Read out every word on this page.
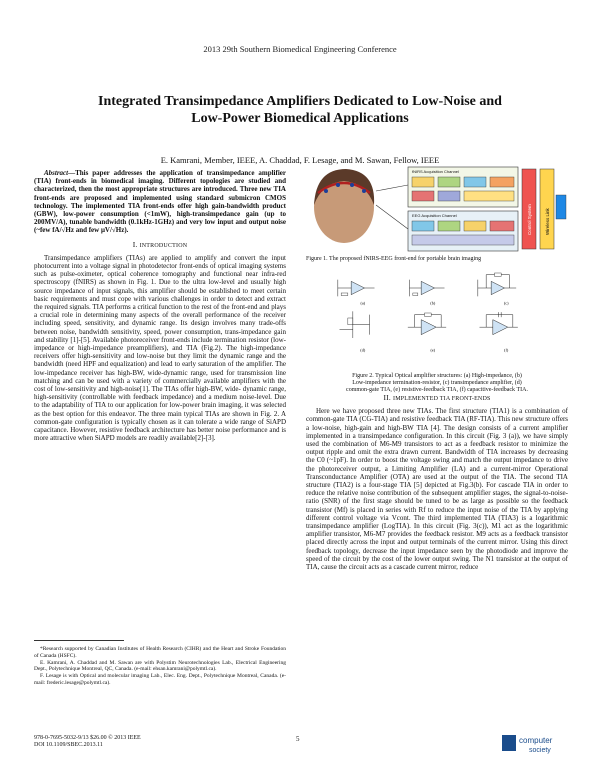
2013 29th Southern Biomedical Engineering Conference
Integrated Transimpedance Amplifiers Dedicated to Low-Noise and
Low-Power Biomedical Applications
E. Kamrani, Member, IEEE, A. Chaddad, F. Lesage, and M. Sawan, Fellow, IEEE

Abstract—This paper addresses the application of transimpedance amplifier (TIA) front-ends in biomedical imaging. Different topologies are studied and characterized, then the most appropriate structures are introduced. Three new TIA front-ends are proposed and implemented using standard submicron CMOS technology. The implemented TIA front-ends offer high gain-bandwidth product (GBW), low-power consumption (<1mW), high-transimpedance gain (up to 200MV/A), tunable bandwidth (0.1kHz-1GHz) and very low input and output noise (~few fA/√Hz and few μV/√Hz).

I. INTRODUCTION

Transimpedance amplifiers (TIAs) are applied to amplify and convert the input photocurrent into a voltage signal in photodetector front-ends of optical imaging systems such as pulse-oximeter, optical coherence tomography and functional near infra-red spectroscopy (fNIRS) as shown in Fig. 1. Due to the ultra low-level and usually high source impedance of input signals, this amplifier should be established to meet certain basic requirements and must cope with various challenges in order to detect and extract the required signals. TIA performs a critical function to the rest of the front-end and plays a crucial role in determining many aspects of the overall performance of the receiver including speed, sensitivity, and dynamic range. Its design involves many trade-offs between noise, bandwidth sensitivity, speed, power consumption, trans-impedance gain and stability [1]-[5]. Available photoreceiver front-ends include termination resistor (low-impedance or high-impedance preamplifiers), and TIA (Fig.2). The high-impedance receivers offer high-sensitivity and low-noise but they limit the dynamic range and the bandwidth (need HPF and equalization) and lead to early saturation of the amplifier. The low-impedance receiver has high-BW, wide-dynamic range, used for transmission line matching and can be used with a variety of commercially available amplifiers with the cost of low-sensitivity and high-noise[1]. The TIAs offer high-BW, wide- dynamic range, high-sensitivity (controllable with feedback impedance) and a medium noise-level. Due to the adaptability of TIA to our application for low-power brain imaging, it was selected as the best option for this endeavor. The three main typical TIAs are shown in Fig. 2. A common-gate configuration is typically chosen as it can tolerate a wide range of SiAPD capacitance. However, resistive feedback architecture has better noise performance and is more attractive when SiAPD models are readily available[2]-[3].

*Research supported by Canadian Institutes of Health Research (CIHR) and the Heart and Stroke Foundation of Canada (HSFC).

E. Kamrani, A. Chaddad and M. Sawan are with Polystim Neurotechnologies Lab., Electrical Engineering Dept., Polytechnique Montreal, QC, Canada. (e-mail: ehsan.kamrani@polymtl.ca).

F. Lesage is with Optical and molecular imaging Lab., Elec. Eng. Dept., Polytechnique Montreal, Canada. (e-mail: frederic.lesage@polymtl.ca).

fNIRS Acquisition Channel
EEG Acquisition Channel	Control System	Wireless Link
Figure 1. The proposed fNIRS-EEG front-end for portable brain imaging
(a)	(b)	(c)
(d)	(e)	(f)
Figure 2. Typical Optical amplifier structures: (a) High-impedance, (b)
Low-impedance termination-resistor, (c) transimpedance amplifier, (d)
common-gate TIA, (e) resistive-feedback TIA, (f) capacitive-feedback TIA.
II. IMPLEMENTED TIA FRONT-ENDS

Here we have proposed three new TIAs. The first structure (TIA1) is a combination of common-gate TIA (CG-TIA) and resistive feedback TIA (RF-TIA). This new structure offers a low-noise, high-gain and high-BW TIA [4]. The design consists of a current amplifier implemented in a transimpedance configuration. In this circuit (Fig. 3 (a)), we have simply used the combination of M6-M9 transistors to act as a feedback resistor to minimize the output ripple and omit the extra drawn current. Bandwidth of TIA increases by decreasing the C0 (~1pF). In order to boost the voltage swing and match the output impedance to drive the photoreceiver output, a Limiting Amplifier (LA) and a current-mirror Operational Transconductance Amplifier (OTA) are used at the output of the TIA. The second TIA structure (TIA2) is a four-stage TIA [5] depicted at Fig.3(b). For cascade TIA in order to reduce the relative noise contribution of the subsequent amplifier stages, the signal-to-noise-ratio (SNR) of the first stage should be tuned to be as large as possible so the feedback transistor (Mf) is placed in series with Rf to reduce the input noise of the TIA by applying different control voltage via Vcont. The third implemented TIA (TIA3) is a logarithmic transimpedance amplifier (LogTIA). In this circuit (Fig. 3(c)), M1 act as the logarithmic amplifier transistor, M6-M7 provides the feedback resistor. M9 acts as a feedback transistor placed directly across the input and output terminals of the current mirror. Using this direct feedback topology, decrease the input impedance seen by the photodiode and improve the speed of the circuit by the cost of the lower output swing. The N1 transistor at the output of TIA, cause the circuit acts as a cascade current mirror, reduce

978-0-7695-5032-9/13 $26.00 © 2013 IEEE
DOI 10.1109/SBEC.2013.11
5	computer
society
